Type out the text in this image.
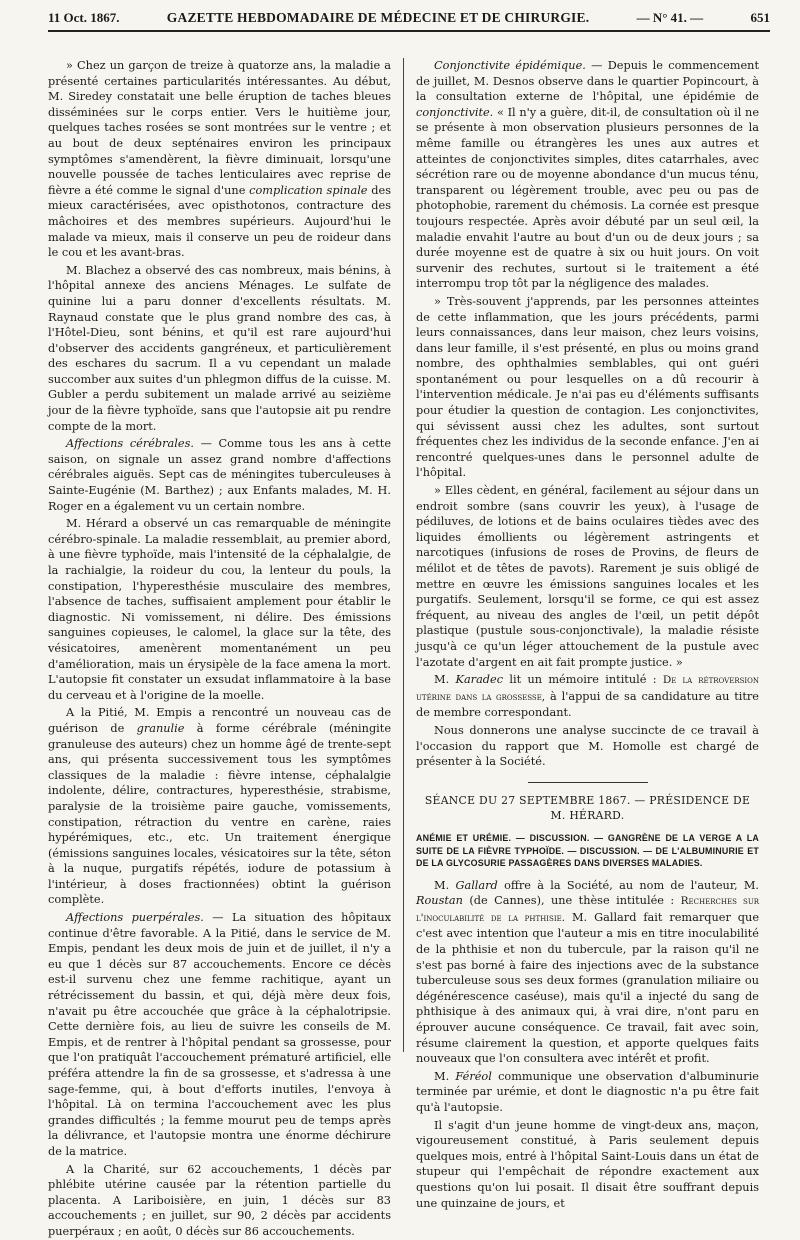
11 Oct. 1867.	GAZETTE HEBDOMADAIRE DE MÉDECINE ET DE CHIRURGIE.	— N° 41. —	651

» Chez un garçon de treize à quatorze ans, la maladie a présenté certaines particularités intéressantes. Au début, M. Siredey constatait une belle éruption de taches bleues disséminées sur le corps entier. Vers le huitième jour, quelques taches rosées se sont montrées sur le ventre ; et au bout de deux septénaires environ les principaux symptômes s'amendèrent, la fièvre diminuait, lorsqu'une nouvelle poussée de taches lenticulaires avec reprise de fièvre a été comme le signal d'une complication spinale des mieux caractérisées, avec opisthotonos, contracture des mâchoires et des membres supérieurs. Aujourd'hui le malade va mieux, mais il conserve un peu de roideur dans le cou et les avant-bras.

M. Blachez a observé des cas nombreux, mais bénins, à l'hôpital annexe des anciens Ménages. Le sulfate de quinine lui a paru donner d'excellents résultats. M. Raynaud constate que le plus grand nombre des cas, à l'Hôtel-Dieu, sont bénins, et qu'il est rare aujourd'hui d'observer des accidents gangréneux, et particulièrement des eschares du sacrum. Il a vu cependant un malade succomber aux suites d'un phlegmon diffus de la cuisse. M. Gubler a perdu subitement un malade arrivé au seizième jour de la fièvre typhoïde, sans que l'autopsie ait pu rendre compte de la mort.

Affections cérébrales. — Comme tous les ans à cette saison, on signale un assez grand nombre d'affections cérébrales aiguës. Sept cas de méningites tuberculeuses à Sainte-Eugénie (M. Barthez) ; aux Enfants malades, M. H. Roger en a également vu un certain nombre.

M. Hérard a observé un cas remarquable de méningite cérébro-spinale. La maladie ressemblait, au premier abord, à une fièvre typhoïde, mais l'intensité de la céphalalgie, de la rachialgie, la roideur du cou, la lenteur du pouls, la constipation, l'hyperesthésie musculaire des membres, l'absence de taches, suffisaient amplement pour établir le diagnostic. Ni vomissement, ni délire. Des émissions sanguines copieuses, le calomel, la glace sur la tête, des vésicatoires, amenèrent momentanément un peu d'amélioration, mais un érysipèle de la face amena la mort. L'autopsie fit constater un exsudat inflammatoire à la base du cerveau et à l'origine de la moelle.

A la Pitié, M. Empis a rencontré un nouveau cas de guérison de granulie à forme cérébrale (méningite granuleuse des auteurs) chez un homme âgé de trente-sept ans, qui présenta successivement tous les symptômes classiques de la maladie : fièvre intense, céphalalgie indolente, délire, contractures, hyperesthésie, strabisme, paralysie de la troisième paire gauche, vomissements, constipation, rétraction du ventre en carène, raies hypérémiques, etc., etc. Un traitement énergique (émissions sanguines locales, vésicatoires sur la tête, séton à la nuque, purgatifs répétés, iodure de potassium à l'intérieur, à doses fractionnées) obtint la guérison complète.

Affections puerpérales. — La situation des hôpitaux continue d'être favorable. A la Pitié, dans le service de M. Empis, pendant les deux mois de juin et de juillet, il n'y a eu que 1 décès sur 87 accouchements. Encore ce décès est-il survenu chez une femme rachitique, ayant un rétrécissement du bassin, et qui, déjà mère deux fois, n'avait pu être accouchée que grâce à la céphalotripsie. Cette dernière fois, au lieu de suivre les conseils de M. Empis, et de rentrer à l'hôpital pendant sa grossesse, pour que l'on pratiquât l'accouchement prématuré artificiel, elle préféra attendre la fin de sa grossesse, et s'adressa à une sage-femme, qui, à bout d'efforts inutiles, l'envoya à l'hôpital. Là on termina l'accouchement avec les plus grandes difficultés ; la femme mourut peu de temps après la délivrance, et l'autopsie montra une énorme déchirure de la matrice.

A la Charité, sur 62 accouchements, 1 décès par phlébite utérine causée par la rétention partielle du placenta. A Lariboisière, en juin, 1 décès sur 83 accouchements ; en juillet, sur 90, 2 décès par accidents puerpéraux ; en août, 0 décès sur 86 accouchements.

Conjonctivite épidémique. — Depuis le commencement de juillet, M. Desnos observe dans le quartier Popincourt, à la consultation externe de l'hôpital, une épidémie de conjonctivite. « Il n'y a guère, dit-il, de consultation où il ne se présente à mon observation plusieurs personnes de la même famille ou étrangères les unes aux autres et atteintes de conjonctivites simples, dites catarrhales, avec sécrétion rare ou de moyenne abondance d'un mucus ténu, transparent ou légèrement trouble, avec peu ou pas de photophobie, rarement du chémosis. La cornée est presque toujours respectée. Après avoir débuté par un seul œil, la maladie envahit l'autre au bout d'un ou de deux jours ; sa durée moyenne est de quatre à six ou huit jours. On voit survenir des rechutes, surtout si le traitement a été interrompu trop tôt par la négligence des malades.

» Très-souvent j'apprends, par les personnes atteintes de cette inflammation, que les jours précédents, parmi leurs connaissances, dans leur maison, chez leurs voisins, dans leur famille, il s'est présenté, en plus ou moins grand nombre, des ophthalmies semblables, qui ont guéri spontanément ou pour lesquelles on a dû recourir à l'intervention médicale. Je n'ai pas eu d'éléments suffisants pour étudier la question de contagion. Les conjonctivites, qui sévissent aussi chez les adultes, sont surtout fréquentes chez les individus de la seconde enfance. J'en ai rencontré quelques-unes dans le personnel adulte de l'hôpital.

» Elles cèdent, en général, facilement au séjour dans un endroit sombre (sans couvrir les yeux), à l'usage de pédiluves, de lotions et de bains oculaires tièdes avec des liquides émollients ou légèrement astringents et narcotiques (infusions de roses de Provins, de fleurs de mélilot et de têtes de pavots). Rarement je suis obligé de mettre en œuvre les émissions sanguines locales et les purgatifs. Seulement, lorsqu'il se forme, ce qui est assez fréquent, au niveau des angles de l'œil, un petit dépôt plastique (pustule sous-conjonctivale), la maladie résiste jusqu'à ce qu'un léger attouchement de la pustule avec l'azotate d'argent en ait fait prompte justice. »

M. Karadec lit un mémoire intitulé : De la rétroversion utérine dans la grossesse, à l'appui de sa candidature au titre de membre correspondant.

Nous donnerons une analyse succincte de ce travail à l'occasion du rapport que M. Homolle est chargé de présenter à la Société.

SÉANCE DU 27 SEPTEMBRE 1867. — PRÉSIDENCE DE M. HÉRARD.
ANÉMIE ET URÉMIE. — DISCUSSION. — GANGRÈNE DE LA VERGE A LA SUITE DE LA FIÈVRE TYPHOÏDE. — DISCUSSION. — DE L'ALBUMINURIE ET DE LA GLYCOSURIE PASSAGÈRES DANS DIVERSES MALADIES.

M. Gallard offre à la Société, au nom de l'auteur, M. Roustan (de Cannes), une thèse intitulée : Recherches sur l'inoculabilité de la phthisie. M. Gallard fait remarquer que c'est avec intention que l'auteur a mis en titre inoculabilité de la phthisie et non du tubercule, par la raison qu'il ne s'est pas borné à faire des injections avec de la substance tuberculeuse sous ses deux formes (granulation miliaire ou dégénérescence caséuse), mais qu'il a injecté du sang de phthisique à des animaux qui, à vrai dire, n'ont paru en éprouver aucune conséquence. Ce travail, fait avec soin, résume clairement la question, et apporte quelques faits nouveaux que l'on consultera avec intérêt et profit.

M. Féréol communique une observation d'albuminurie terminée par urémie, et dont le diagnostic n'a pu être fait qu'à l'autopsie.

Il s'agit d'un jeune homme de vingt-deux ans, maçon, vigoureusement constitué, à Paris seulement depuis quelques mois, entré à l'hôpital Saint-Louis dans un état de stupeur qui l'empêchait de répondre exactement aux questions qu'on lui posait. Il disait être souffrant depuis une quinzaine de jours, et
